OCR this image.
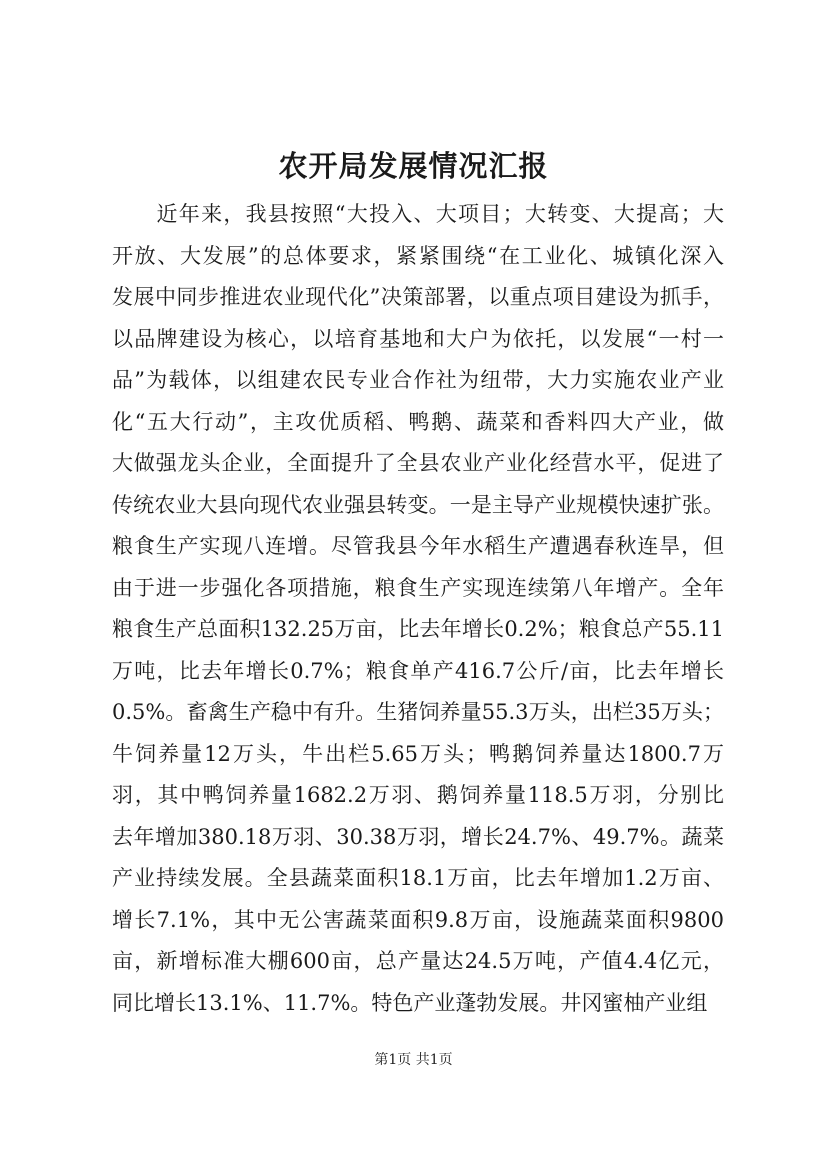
农开局发展情况汇报
　　近年来，我县按照“大投入、大项目；大转变、大提高；大
开放、大发展”的总体要求，紧紧围绕“在工业化、城镇化深入
发展中同步推进农业现代化”决策部署，以重点项目建设为抓手，
以品牌建设为核心，以培育基地和大户为依托，以发展“一村一
品”为载体，以组建农民专业合作社为纽带，大力实施农业产业
化“五大行动”，主攻优质稻、鸭鹅、蔬菜和香料四大产业，做
大做强龙头企业，全面提升了全县农业产业化经营水平，促进了
传统农业大县向现代农业强县转变。一是主导产业规模快速扩张。
粮食生产实现八连增。尽管我县今年水稻生产遭遇春秋连旱，但
由于进一步强化各项措施，粮食生产实现连续第八年增产。全年
粮食生产总面积132.25万亩，比去年增长0.2%；粮食总产55.11
万吨，比去年增长0.7%；粮食单产416.7公斤/亩，比去年增长
0.5%。畜禽生产稳中有升。生猪饲养量55.3万头，出栏35万头；
牛饲养量12万头，牛出栏5.65万头；鸭鹅饲养量达1800.7万
羽，其中鸭饲养量1682.2万羽、鹅饲养量118.5万羽，分别比
去年增加380.18万羽、30.38万羽，增长24.7%、49.7%。蔬菜
产业持续发展。全县蔬菜面积18.1万亩，比去年增加1.2万亩、
增长7.1%，其中无公害蔬菜面积9.8万亩，设施蔬菜面积9800
亩，新增标准大棚600亩，总产量达24.5万吨，产值4.4亿元，
同比增长13.1%、11.7%。特色产业蓬勃发展。井冈蜜柚产业组
第1页 共1页
